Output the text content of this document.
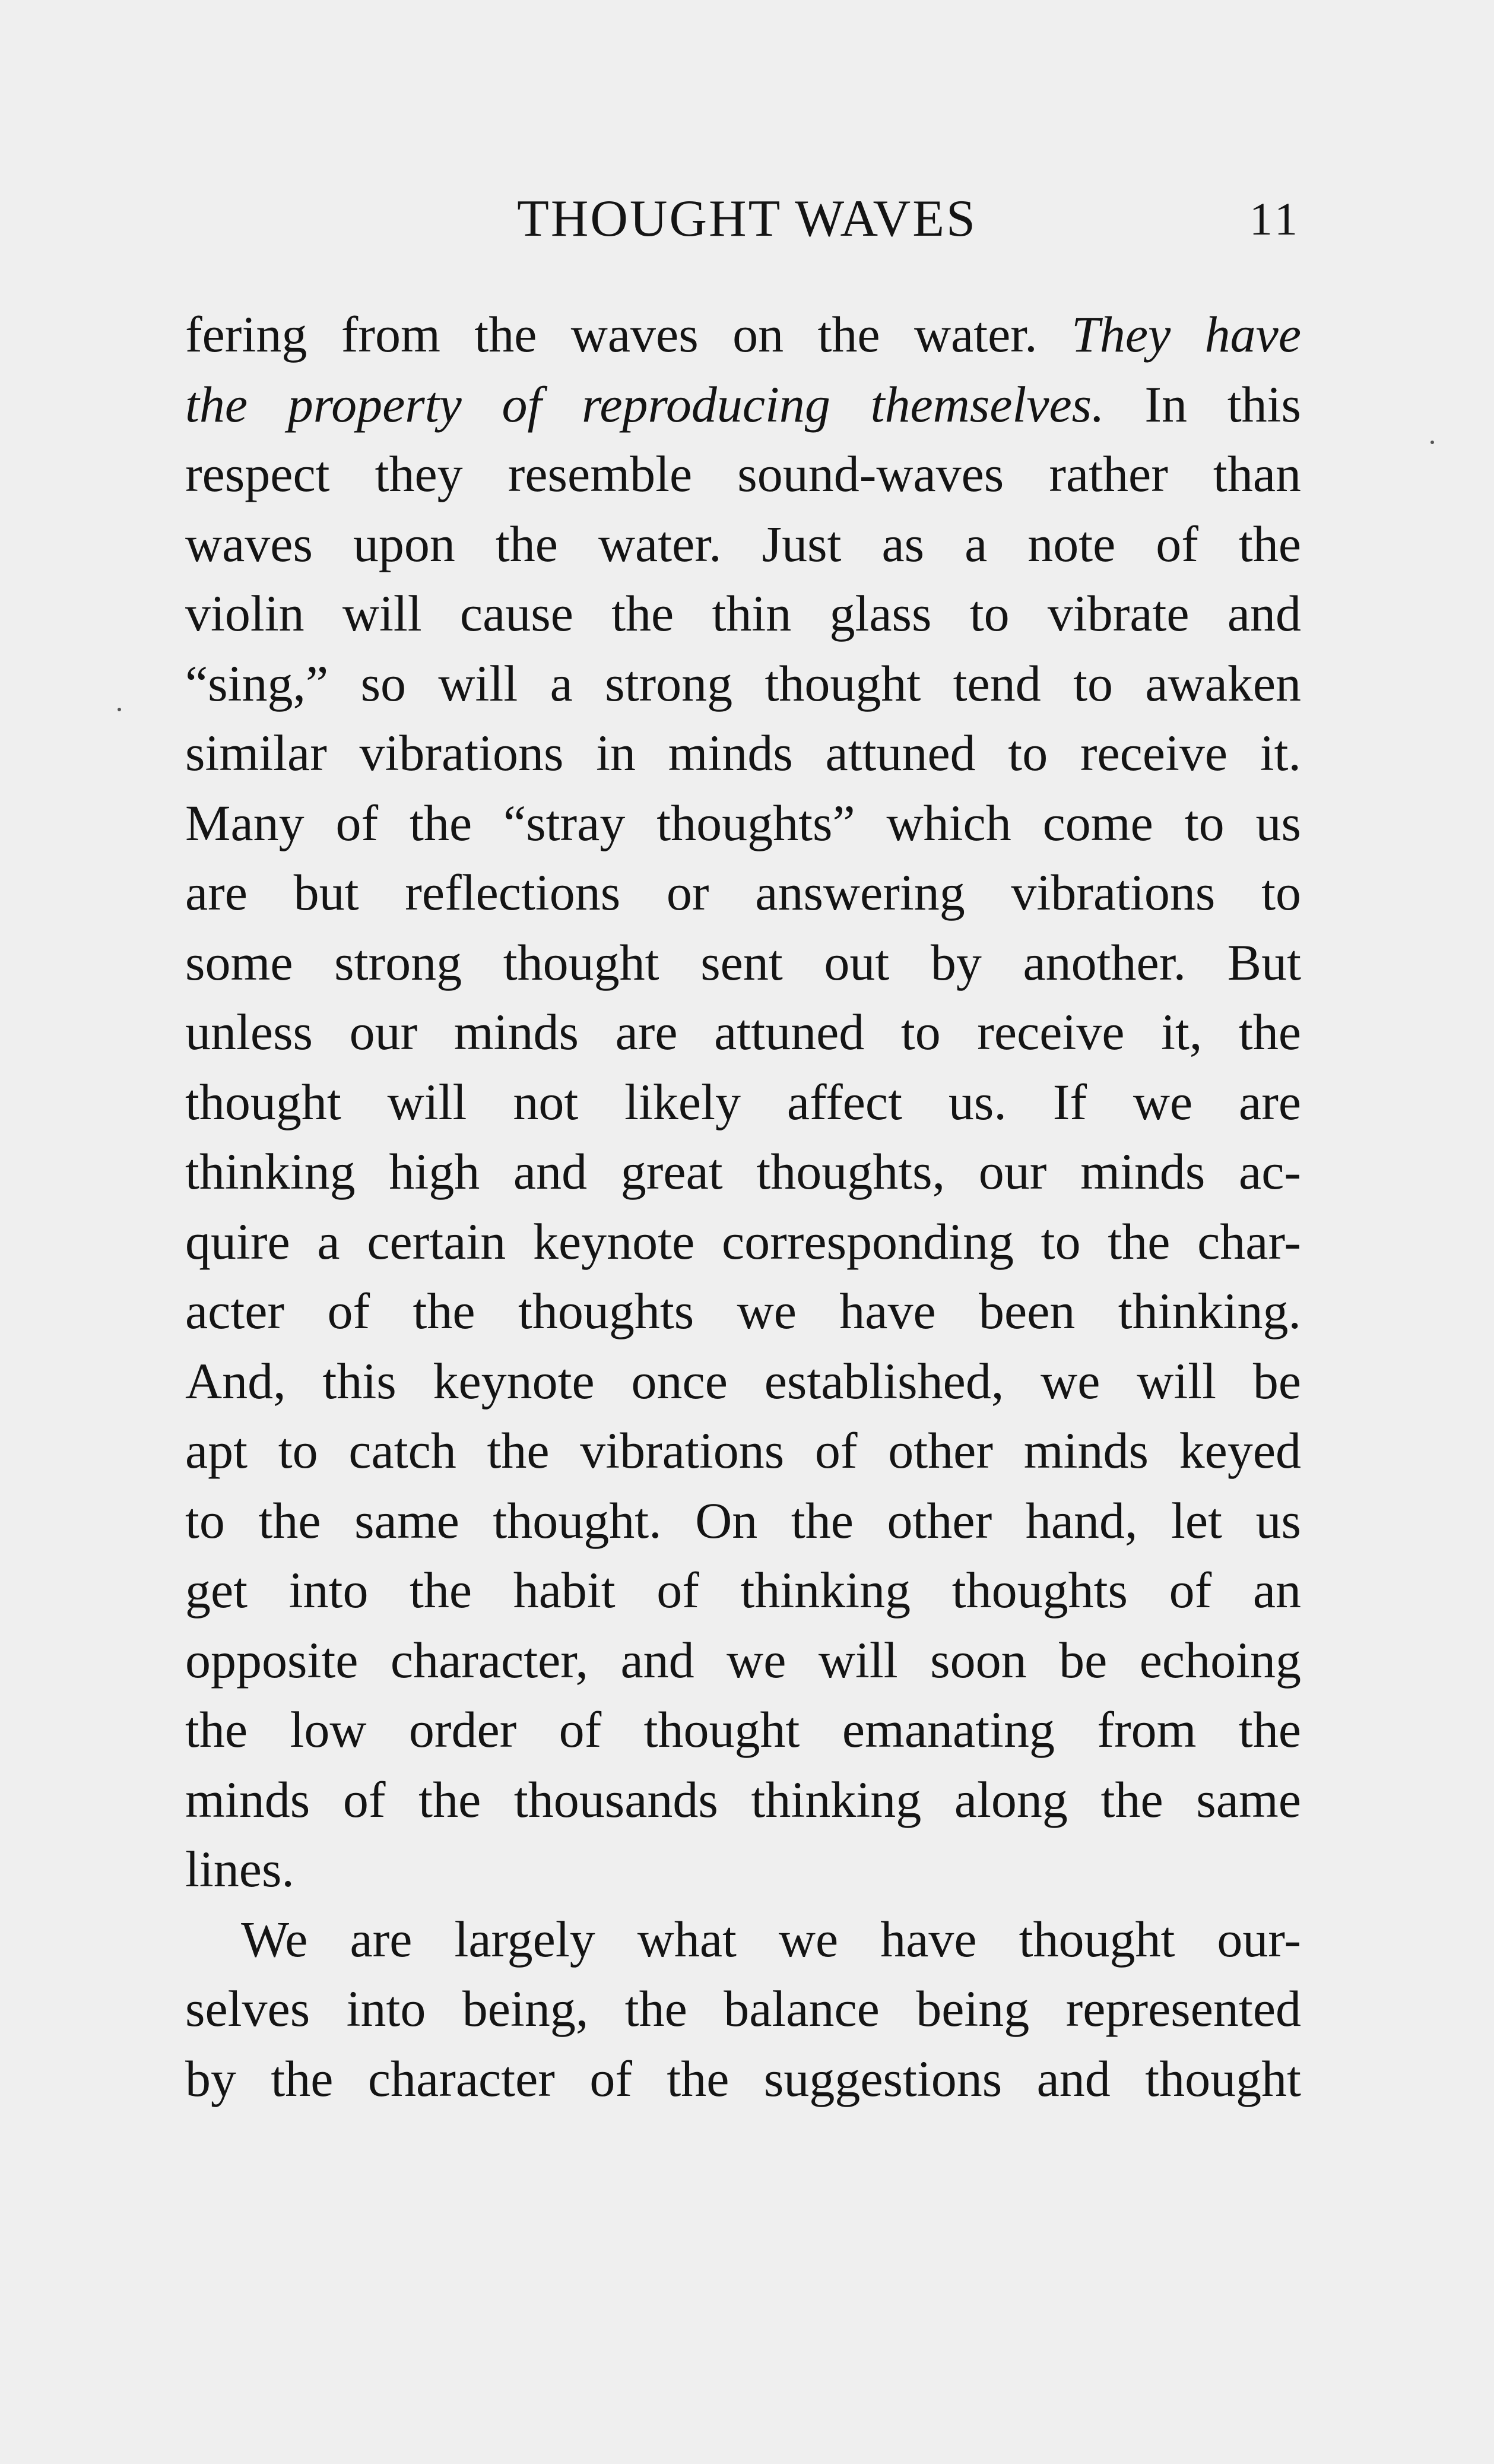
THOUGHT WAVES	11
fering from the waves on the water. They have
the property of reproducing themselves. In this
respect they resemble sound-waves rather than
waves upon the water. Just as a note of the
violin will cause the thin glass to vibrate and
“sing,” so will a strong thought tend to awaken
similar vibrations in minds attuned to receive it.
Many of the “stray thoughts” which come to us
are but reflections or answering vibrations to
some strong thought sent out by another. But
unless our minds are attuned to receive it, the
thought will not likely affect us. If we are
thinking high and great thoughts, our minds ac-
quire a certain keynote corresponding to the char-
acter of the thoughts we have been thinking.
And, this keynote once established, we will be
apt to catch the vibrations of other minds keyed
to the same thought. On the other hand, let us
get into the habit of thinking thoughts of an
opposite character, and we will soon be echoing
the low order of thought emanating from the
minds of the thousands thinking along the same
lines.
We are largely what we have thought our-
selves into being, the balance being represented
by the character of the suggestions and thought
